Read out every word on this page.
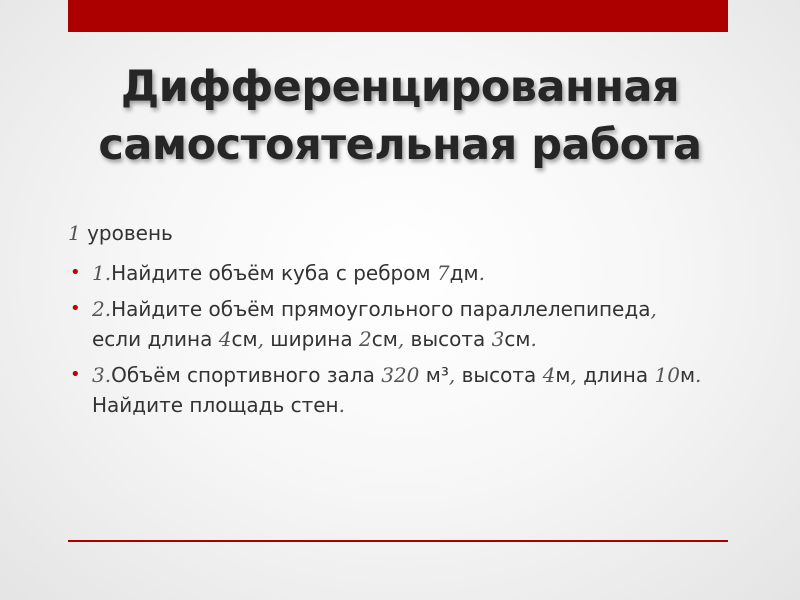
Дифференцированная самостоятельная работа

1 уровень

• 1.Найдите объём куба с ребром 7дм.
• 2.Найдите объём прямоугольного параллелепипеда, если длина 4см, ширина 2см, высота 3см.
• 3.Объём спортивного зала 320 м³, высота 4м, длина 10м. Найдите площадь стен.
